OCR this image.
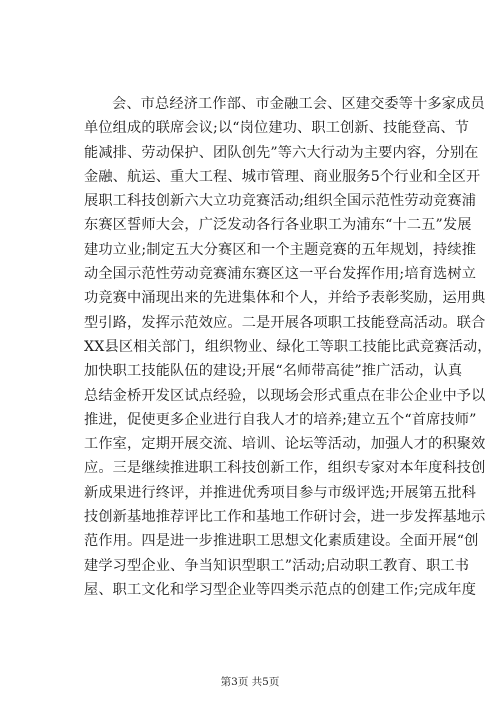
会、市总经济工作部、市金融工会、区建交委等十多家成员
单位组成的联席会议;以“岗位建功、职工创新、技能登高、节
能减排、劳动保护、团队创先”等六大行动为主要内容，分别在
金融、航运、重大工程、城市管理、商业服务5个行业和全区开
展职工科技创新六大立功竞赛活动;组织全国示范性劳动竞赛浦
东赛区誓师大会，广泛发动各行各业职工为浦东“十二五”发展
建功立业;制定五大分赛区和一个主题竞赛的五年规划，持续推
动全国示范性劳动竞赛浦东赛区这一平台发挥作用;培育选树立
功竞赛中涌现出来的先进集体和个人，并给予表彰奖励，运用典
型引路，发挥示范效应。二是开展各项职工技能登高活动。联合
XX县区相关部门，组织物业、绿化工等职工技能比武竞赛活动，
加快职工技能队伍的建设;开展“名师带高徒”推广活动，认真
总结金桥开发区试点经验，以现场会形式重点在非公企业中予以
推进，促使更多企业进行自我人才的培养;建立五个“首席技师”
工作室，定期开展交流、培训、论坛等活动，加强人才的积聚效
应。三是继续推进职工科技创新工作，组织专家对本年度科技创
新成果进行终评，并推进优秀项目参与市级评选;开展第五批科
技创新基地推荐评比工作和基地工作研讨会，进一步发挥基地示
范作用。四是进一步推进职工思想文化素质建设。全面开展“创
建学习型企业、争当知识型职工”活动;启动职工教育、职工书
屋、职工文化和学习型企业等四类示范点的创建工作;完成年度
第3页 共5页
